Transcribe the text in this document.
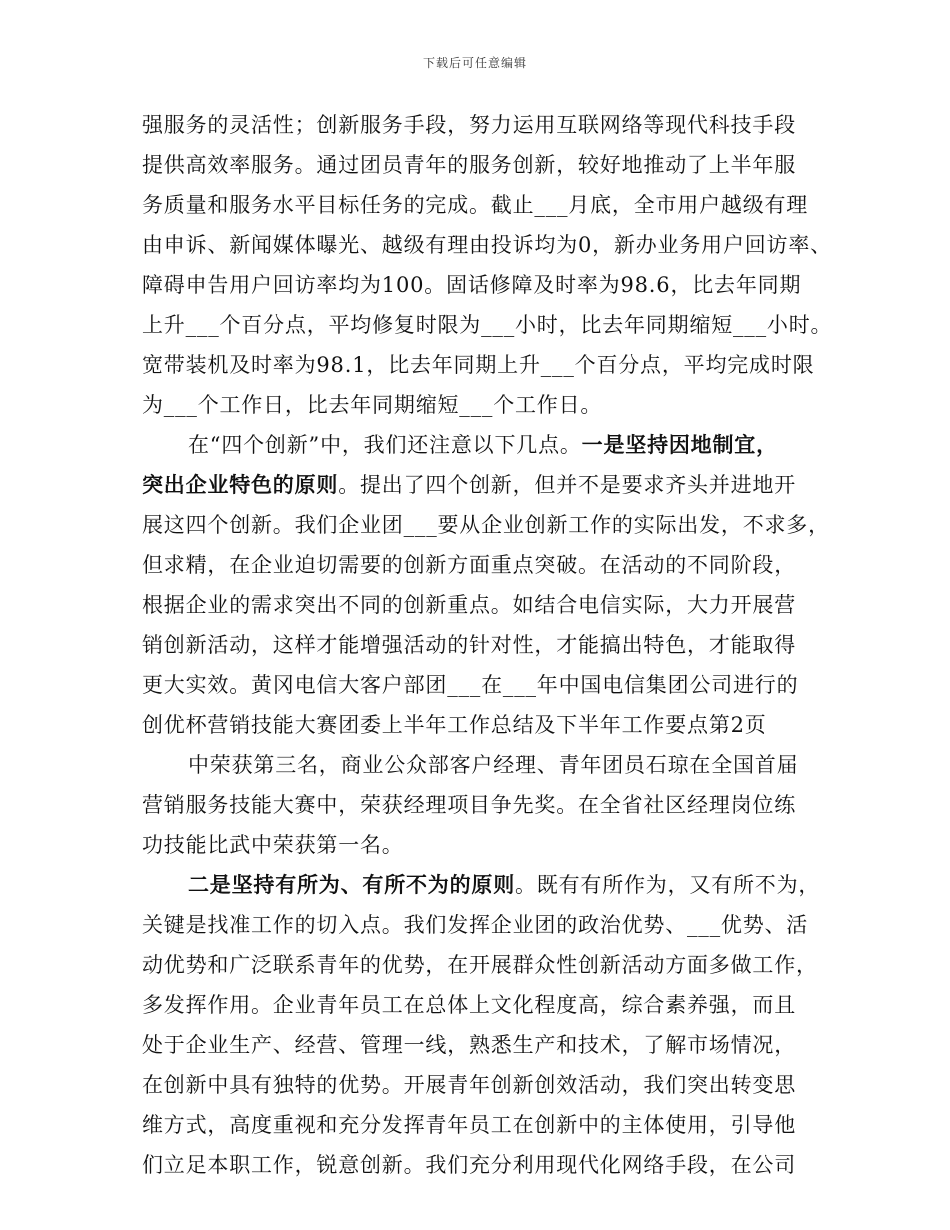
下载后可任意编辑
强服务的灵活性；创新服务手段，努力运用互联网络等现代科技手段
提供高效率服务。通过团员青年的服务创新，较好地推动了上半年服
务质量和服务水平目标任务的完成。截止___月底，全市用户越级有理
由申诉、新闻媒体曝光、越级有理由投诉均为0，新办业务用户回访率、
障碍申告用户回访率均为100。固话修障及时率为98.6，比去年同期
上升___个百分点，平均修复时限为___小时，比去年同期缩短___小时。
宽带装机及时率为98.1，比去年同期上升___个百分点，平均完成时限
为___个工作日，比去年同期缩短___个工作日。
在“四个创新”中，我们还注意以下几点。一是坚持因地制宜，
突出企业特色的原则。提出了四个创新，但并不是要求齐头并进地开
展这四个创新。我们企业团___要从企业创新工作的实际出发，不求多，
但求精，在企业迫切需要的创新方面重点突破。在活动的不同阶段，
根据企业的需求突出不同的创新重点。如结合电信实际，大力开展营
销创新活动，这样才能增强活动的针对性，才能搞出特色，才能取得
更大实效。黄冈电信大客户部团___在___年中国电信集团公司进行的
创优杯营销技能大赛团委上半年工作总结及下半年工作要点第2页
中荣获第三名，商业公众部客户经理、青年团员石琼在全国首届
营销服务技能大赛中，荣获经理项目争先奖。在全省社区经理岗位练
功技能比武中荣获第一名。
二是坚持有所为、有所不为的原则。既有有所作为，又有所不为，
关键是找准工作的切入点。我们发挥企业团的政治优势、___优势、活
动优势和广泛联系青年的优势，在开展群众性创新活动方面多做工作，
多发挥作用。企业青年员工在总体上文化程度高，综合素养强，而且
处于企业生产、经营、管理一线，熟悉生产和技术，了解市场情况，
在创新中具有独特的优势。开展青年创新创效活动，我们突出转变思
维方式，高度重视和充分发挥青年员工在创新中的主体使用，引导他
们立足本职工作，锐意创新。我们充分利用现代化网络手段，在公司
